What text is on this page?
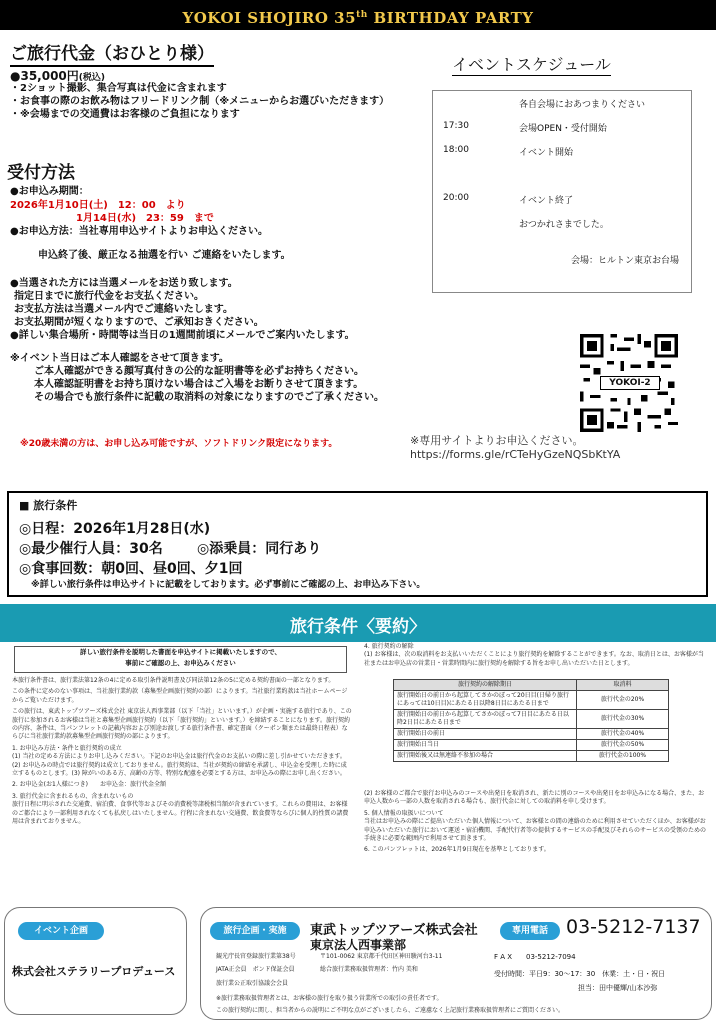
YOKOI SHOJIRO 35th BIRTHDAY PARTY
ご旅行代金（おひとり様）
●35,000円(税込)
・2ショット撮影、集合写真は代金に含まれます
・お食事の際のお飲み物はフリードリンク制（※メニューからお選びいただきます）
・※会場までの交通費はお客様のご負担になります
受付方法
●お申込み期間：
2026年1月10日(土)　12：00　より
1月14日(水)　23：59　まで
●お申込方法：当社専用申込サイトよりお申込ください。
申込終了後、厳正なる抽選を行い ご連絡をいたします。
●当選された方には当選メールをお送り致します。
指定日までに旅行代金をお支払ください。
お支払方法は当選メール内でご連絡いたします。
お支払期間が短くなりますので、ご承知おきください。
●詳しい集合場所・時間等は当日の1週間前頃にメールでご案内いたします。
※イベント当日はご本人確認をさせて頂きます。
ご本人確認ができる顔写真付きの公的な証明書等を必ずお持ちください。
本人確認証明書をお持ち頂けない場合はご入場をお断りさせて頂きます。
その場合でも旅行条件に記載の取消料の対象になりますのでご了承ください。
※20歳未満の方は、お申し込み可能ですが、ソフトドリンク限定になります。
イベントスケジュール
各自会場におあつまりください
17:30	会場OPEN・受付開始
18:00	イベント開始
20:00	イベント終了
おつかれさまでした。
会場：ヒルトン東京お台場
YOKOI-2
※専用サイトよりお申込ください。
https://forms.gle/rCTeHyGzeNQSbKtYA
■ 旅行条件
◎日程：2026年1月28日(水)
◎最少催行人員：30名 ◎添乗員：同行あり
◎食事回数：朝0回、昼0回、夕1回
※詳しい旅行条件は申込サイトに記載をしております。必ず事前にご確認の上、お申込み下さい。
旅行条件〈要約〉
詳しい旅行条件を説明した書面を申込サイトに掲載いたしますので、
事前にご確認の上、お申込みください

本旅行条件書は、旅行業法第12条の4に定める取引条件説明書及び同法第12条の5に定める契約書面の一部となります。

この条件に定めのない事項は、当社旅行業約款（募集型企画旅行契約の部）によります。当社旅行業約款は当社ホームページからご覧いただけます。

この旅行は、東武トップツアーズ株式会社 東京法人西事業部（以下「当社」といいます。）が企画・実施する旅行であり、この旅行に参加されるお客様は当社と募集型企画旅行契約（以下「旅行契約」といいます。）を締結することになります。旅行契約の内容、条件は、当パンフレットの記載内容および別途お渡しする旅行条件書、確定書面（クーポン類または最終日程表）ならびに当社旅行業約款募集型企画旅行契約の部によります。

1. お申込み方法・条件と旅行契約の成立

(1) 当社の定める方法によりお申し込みください。下記のお申込金は旅行代金のお支払いの際に差し引かせていただきます。(2) お申込みの時点では旅行契約は成立しておりません。旅行契約は、当社が契約の締結を承諾し、申込金を受理した時に成立するものとします。(3) 障がいのある方、高齢の方等、特別な配慮を必要とする方は、お申込みの際にお申し出ください。

2. お申込金(お1人様につき)　　お申込金：旅行代金全額

3. 旅行代金に含まれるもの、含まれないもの

旅行日程に明示された交通費、宿泊費、食事代等およびその消費税等諸税相当額が含まれています。これらの費用は、お客様のご都合により一部利用されなくても払戻しはいたしません。行程に含まれない交通費、飲食費等ならびに個人的性質の諸費用は含まれておりません。

4. 旅行契約の解除

(1) お客様は、次の取消料をお支払いいただくことにより旅行契約を解除することができます。なお、取消日とは、お客様が当社またはお申込店の営業日・営業時間内に旅行契約を解除する旨をお申し出いただいた日とします。

旅行契約の解除期日	取消料
旅行開始日の前日から起算してさかのぼって20日目(日帰り旅行にあっては10日目)にあたる日以降8日目にあたる日まで	旅行代金の20%
旅行開始日の前日から起算してさかのぼって7日目にあたる日以降2日目にあたる日まで	旅行代金の30%
旅行開始日の前日	旅行代金の40%
旅行開始日当日	旅行代金の50%
旅行開始後又は無連絡不参加の場合	旅行代金の100%

(2) お客様のご都合で旅行お申込みのコースや出発日を取消され、新たに別のコースや出発日をお申込みになる場合、また、お申込人数から一部の人数を取消される場合も、旅行代金に対しての取消料を申し受けます。

5. 個人情報の取扱いについて

当社はお申込みの際にご提出いただいた個人情報について、お客様との間の連絡のために利用させていただくほか、お客様がお申込みいただいた旅行において運送・宿泊機関、手配代行者等の提供するサービスの手配及びそれらのサービスの受領のための手続きに必要な範囲内で利用させて頂きます。

6. このパンフレットは、2026年1月9日現在を基準としております。

イベント企画
株式会社ステラリープロデュース
旅行企画・実施	東武トップツアーズ株式会社
東京法人西事業部
専用電話 03-5212-7137
観光庁長官登録旅行業第38号	〒101-0062 東京都千代田区神田駿河台3-11
JATA正会員　ボンド保証会員	総合旅行業務取扱管理者：竹内 美和
旅行業公正取引協議会会員
F A X 03-5212-7094
受付時間：平日9：30～17：30　休業：土・日・祝日
担当：田中優輝/山本沙弥
※旅行業務取扱管理者とは、お客様の旅行を取り扱う営業所での取引の責任者です。
この旅行契約に関し、担当者からの説明にご不明な点がございましたら、ご遠慮なく上記旅行業務取扱管理者にご質問ください。
